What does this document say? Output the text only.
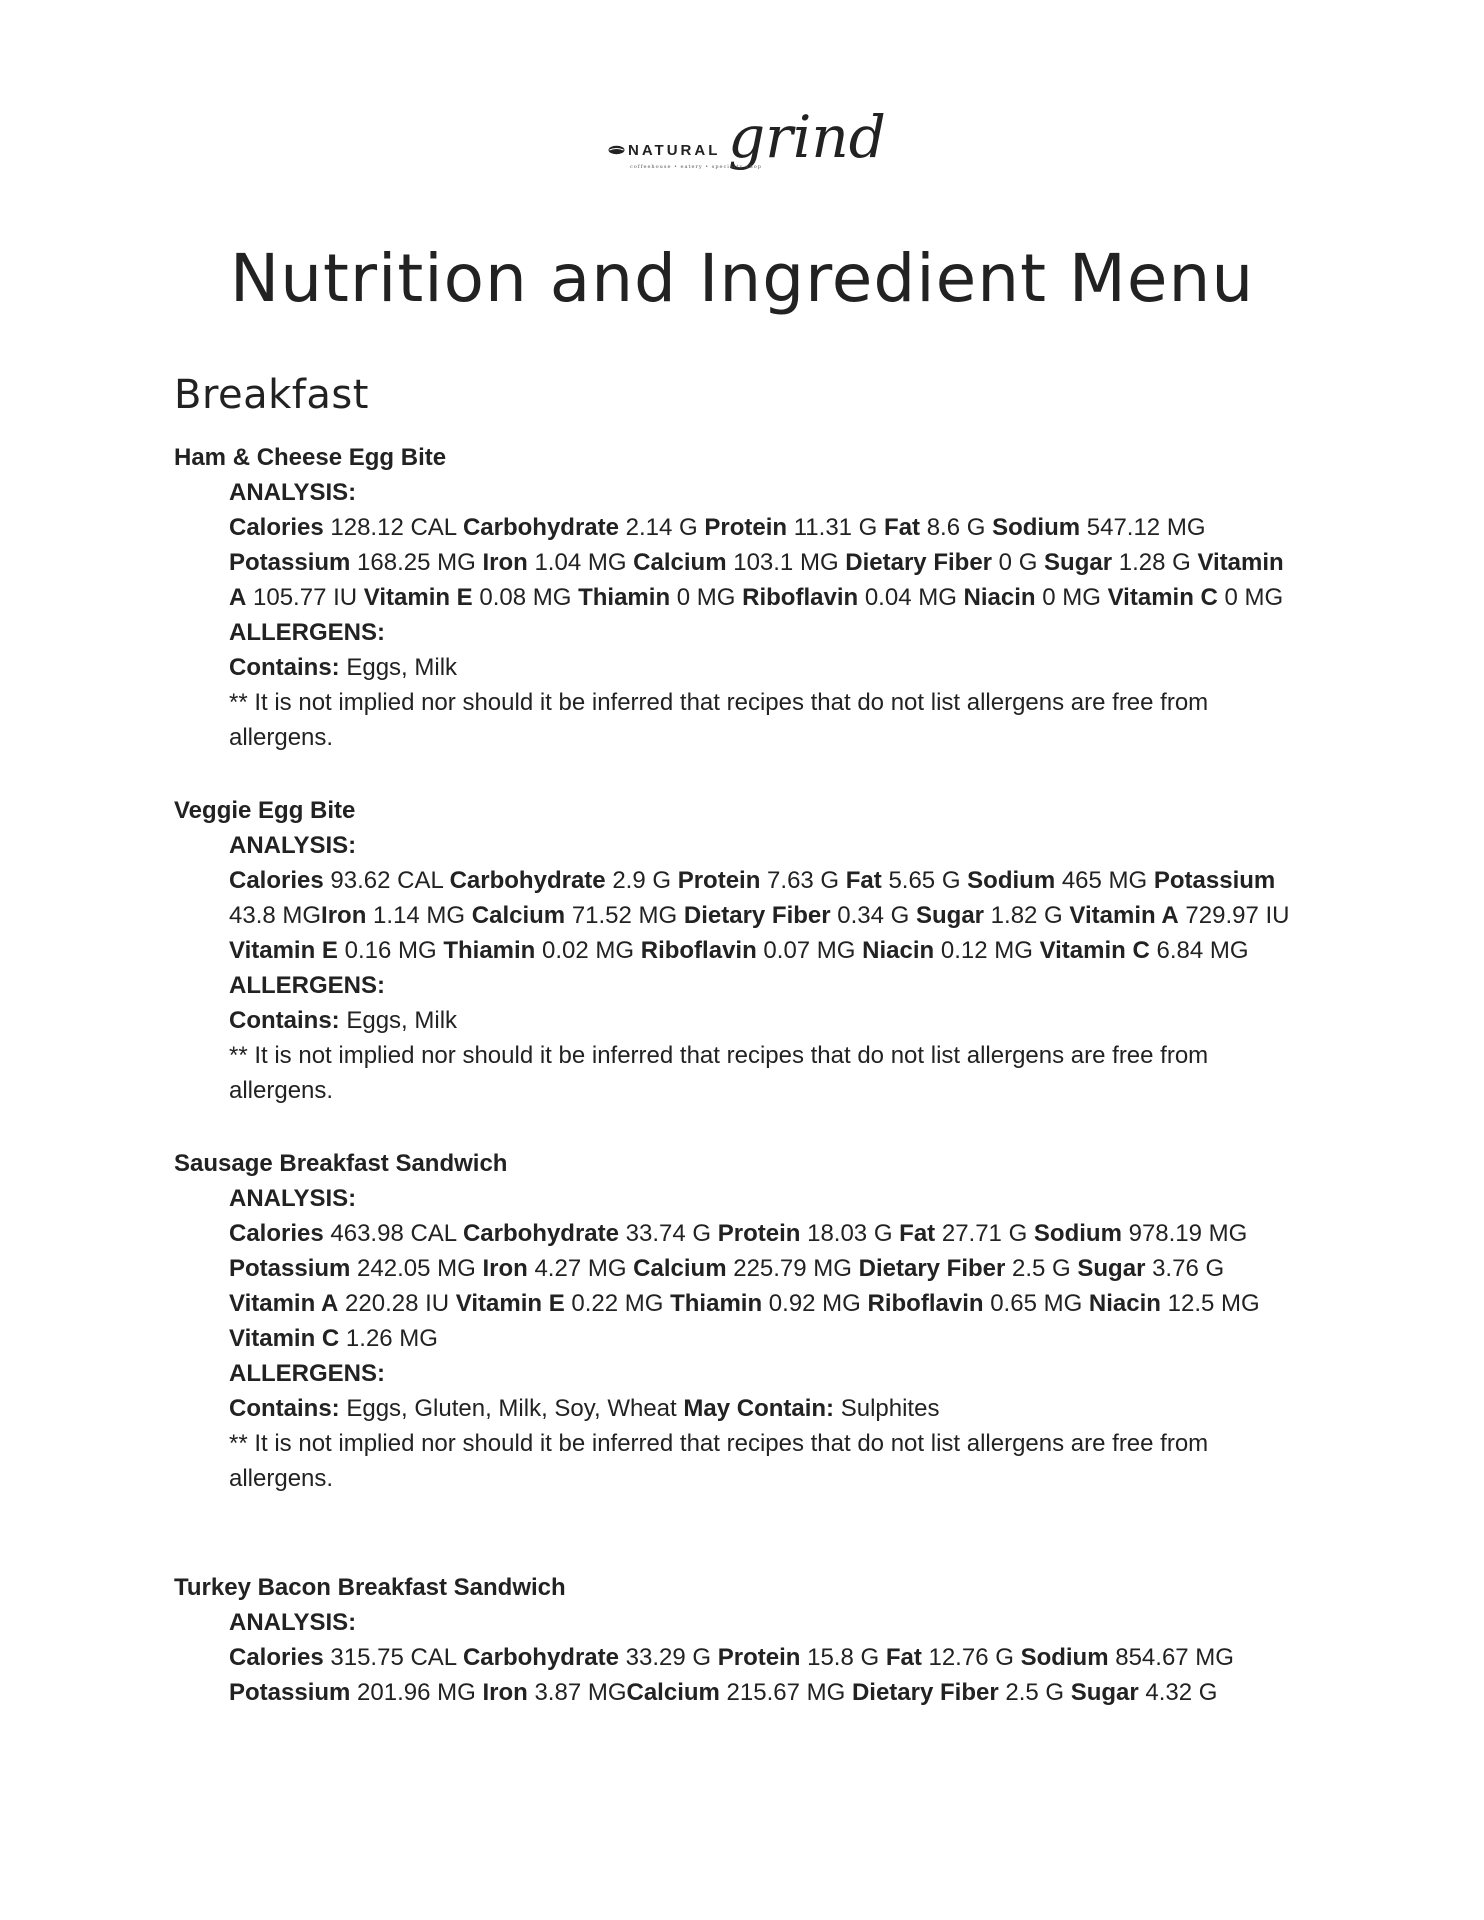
NATURAL grind
coffeehouse • eatery • specialty shop
Nutrition and Ingredient Menu
Breakfast

Ham & Cheese Egg Bite

ANALYSIS:
Calories 128.12 CAL Carbohydrate 2.14 G Protein 11.31 G Fat 8.6 G Sodium 547.12 MG
Potassium 168.25 MG Iron 1.04 MG Calcium 103.1 MG Dietary Fiber 0 G Sugar 1.28 G Vitamin
A 105.77 IU Vitamin E 0.08 MG Thiamin 0 MG Riboflavin 0.04 MG Niacin 0 MG Vitamin C 0 MG
ALLERGENS:
Contains: Eggs, Milk
** It is not implied nor should it be inferred that recipes that do not list allergens are free from
allergens.

Veggie Egg Bite

ANALYSIS:
Calories 93.62 CAL Carbohydrate 2.9 G Protein 7.63 G Fat 5.65 G Sodium 465 MG Potassium
43.8 MGIron 1.14 MG Calcium 71.52 MG Dietary Fiber 0.34 G Sugar 1.82 G Vitamin A 729.97 IU
Vitamin E 0.16 MG Thiamin 0.02 MG Riboflavin 0.07 MG Niacin 0.12 MG Vitamin C 6.84 MG
ALLERGENS:
Contains: Eggs, Milk
** It is not implied nor should it be inferred that recipes that do not list allergens are free from
allergens.

Sausage Breakfast Sandwich

ANALYSIS:
Calories 463.98 CAL Carbohydrate 33.74 G Protein 18.03 G Fat 27.71 G Sodium 978.19 MG
Potassium 242.05 MG Iron 4.27 MG Calcium 225.79 MG Dietary Fiber 2.5 G Sugar 3.76 G
Vitamin A 220.28 IU Vitamin E 0.22 MG Thiamin 0.92 MG Riboflavin 0.65 MG Niacin 12.5 MG
Vitamin C 1.26 MG
ALLERGENS:
Contains: Eggs, Gluten, Milk, Soy, Wheat May Contain: Sulphites
** It is not implied nor should it be inferred that recipes that do not list allergens are free from
allergens.

Turkey Bacon Breakfast Sandwich

ANALYSIS:
Calories 315.75 CAL Carbohydrate 33.29 G Protein 15.8 G Fat 12.76 G Sodium 854.67 MG
Potassium 201.96 MG Iron 3.87 MGCalcium 215.67 MG Dietary Fiber 2.5 G Sugar 4.32 G
